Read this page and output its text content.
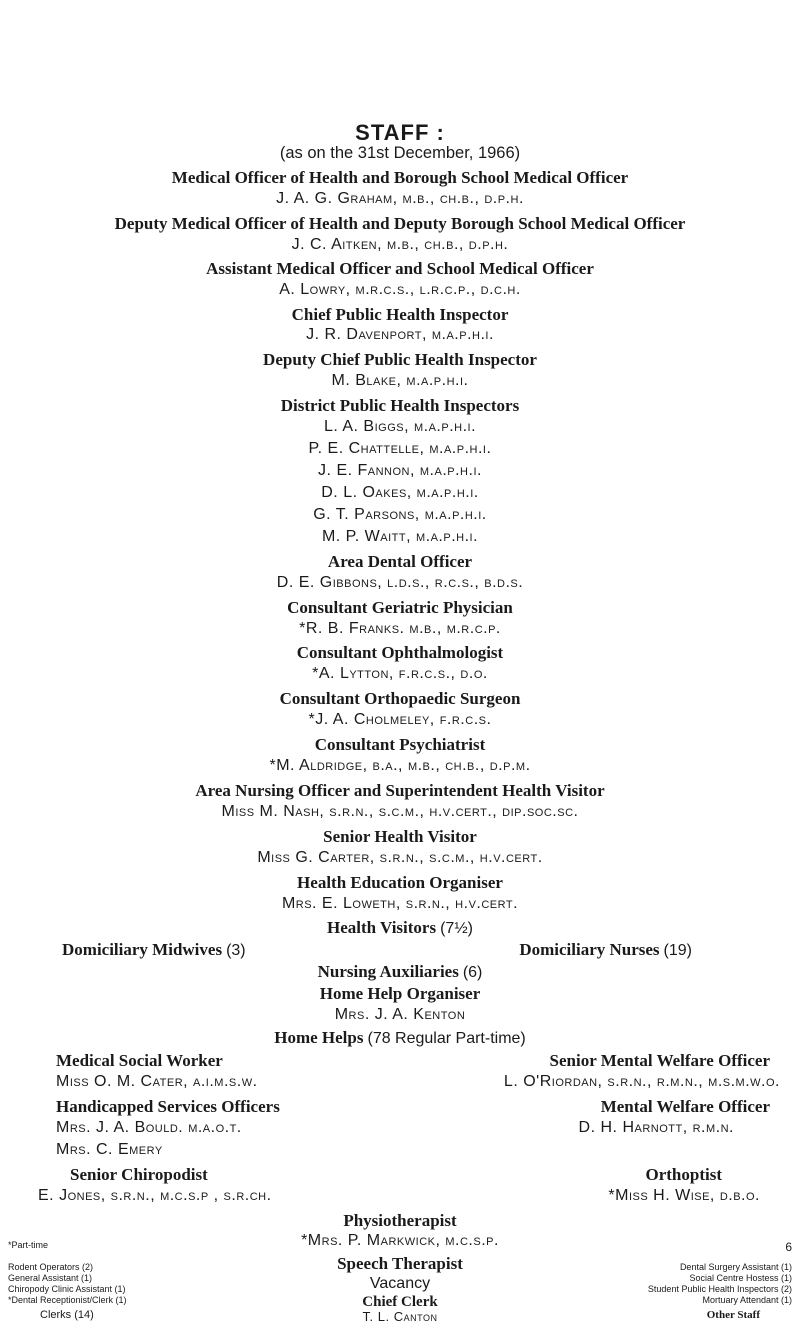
STAFF :
(as on the 31st December, 1966)
Medical Officer of Health and Borough School Medical Officer
J. A. G. Graham, m.b., ch.b., d.p.h.
Deputy Medical Officer of Health and Deputy Borough School Medical Officer
J. C. Aitken, m.b., ch.b., d.p.h.
Assistant Medical Officer and School Medical Officer
A. Lowry, m.r.c.s., l.r.c.p., d.c.h.
Chief Public Health Inspector
J. R. Davenport, m.a.p.h.i.
Deputy Chief Public Health Inspector
M. Blake, m.a.p.h.i.
District Public Health Inspectors
L. A. Biggs, m.a.p.h.i.
P. E. Chattelle, m.a.p.h.i.
J. E. Fannon, m.a.p.h.i.
D. L. Oakes, m.a.p.h.i.
G. T. Parsons, m.a.p.h.i.
M. P. Waitt, m.a.p.h.i.
Area Dental Officer
D. E. Gibbons, l.d.s., r.c.s., b.d.s.
Consultant Geriatric Physician
*R. B. Franks. m.b., m.r.c.p.
Consultant Ophthalmologist
*A. Lytton, f.r.c.s., d.o.
Consultant Orthopaedic Surgeon
*J. A. Cholmeley, f.r.c.s.
Consultant Psychiatrist
*M. Aldridge, b.a., m.b., ch.b., d.p.m.
Area Nursing Officer and Superintendent Health Visitor
Miss M. Nash, s.r.n., s.c.m., h.v.cert., dip.soc.sc.
Senior Health Visitor
Miss G. Carter, s.r.n., s.c.m., h.v.cert.
Health Education Organiser
Mrs. E. Loweth, s.r.n., h.v.cert.
Health Visitors (7½)
Domiciliary Midwives (3)	Domiciliary Nurses (19)
Nursing Auxiliaries (6)
Home Help Organiser
Mrs. J. A. Kenton
Home Helps (78 Regular Part-time)
Medical Social Worker	Senior Mental Welfare Officer
Miss O. M. Cater, a.i.m.s.w.	L. O'Riordan, s.r.n., r.m.n., m.s.m.w.o.
Handicapped Services Officers	Mental Welfare Officer
Mrs. J. A. Bould. m.a.o.t.	D. H. Harnott, r.m.n.
Mrs. C. Emery
Senior Chiropodist	Orthoptist
E. Jones, s.r.n., m.c.s.p , s.r.ch.	*Miss H. Wise, d.b.o.
Physiotherapist
*Mrs. P. Markwick, m.c.s.p.
Speech Therapist
Vacancy
Chief Clerk
T. L. Canton
Clerks (14)	Other Staff
Chiropody Clinic Assistant (1)
*Dental Receptionist/Clerk (1)
Rodent Operators (2)
General Assistant (1)
Dental Surgery Assistant (1)
Social Centre Hostess (1)
Student Public Health Inspectors (2)
Mortuary Attendant (1)
*Part-time	6
